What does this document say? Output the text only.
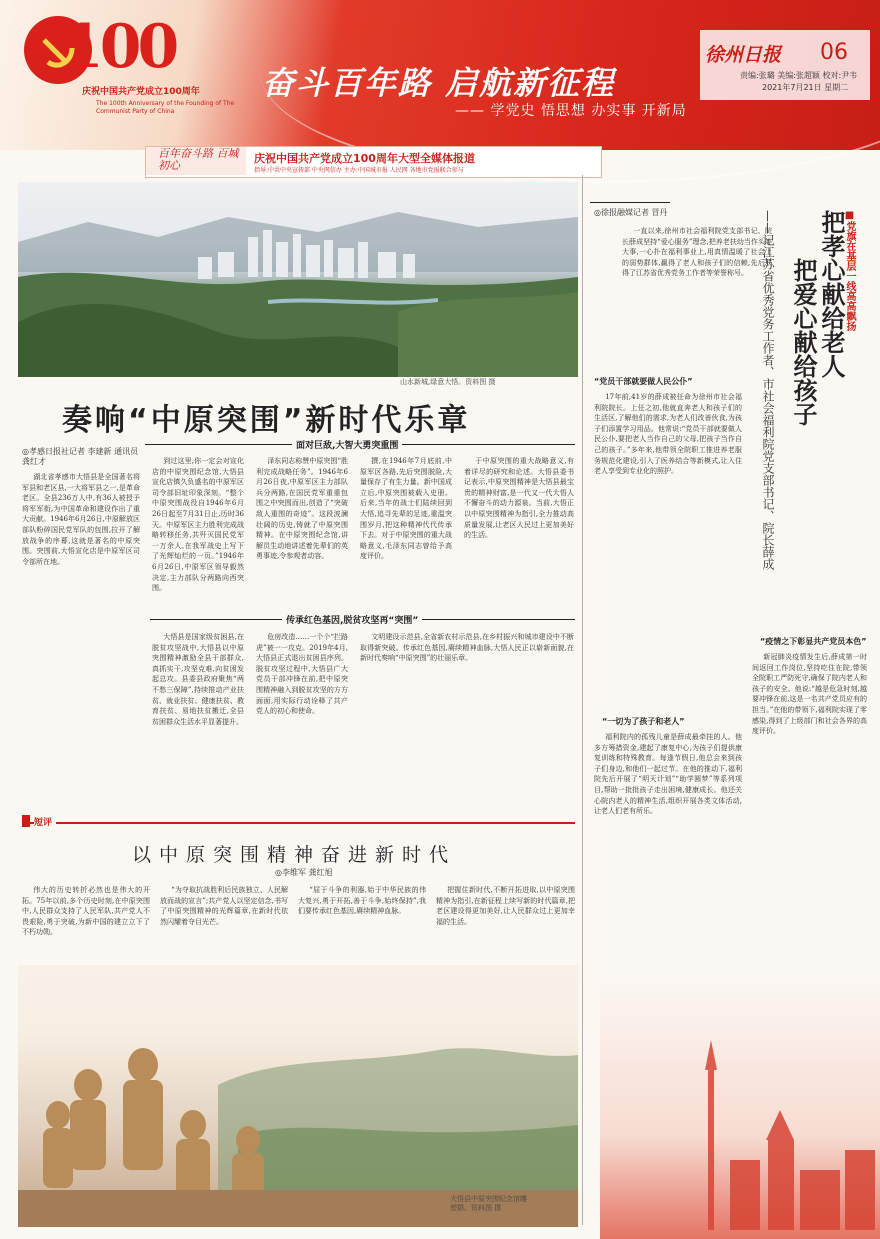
100
庆祝中国共产党成立100周年
The 100th Anniversary of the Founding of The Communist Party of China
奋斗百年路 启航新征程
—— 学党史 悟思想 办实事 开新局
徐州日报 06
责编:张璐 美编:张超颖 校对:尹韦
2021年7月21日 星期二
百年奋斗路 百城初心
庆祝中国共产党成立100周年大型全媒体报道
指导:中共中央宣传部 中央网信办 主办:中国城市报 人民网 各地市党报联合参与
山水新城,绿意大悟。资料图 摄
奏响“中原突围”新时代乐章
◎孝感日报社记者 李建新 通讯员 龚红才
面对巨敌,大智大勇突重围
湖北省孝感市大悟县是全国著名将军县和老区县,一大将军县之一,是革命老区。全县236万人中,有36人被授予将军军衔,为中国革命和建设作出了重大贡献。1946年6月26日,中原解放区部队粉碎国民党军队的包围,拉开了解放战争的序幕,这就是著名的中原突围。突围前,大悟宣化店是中原军区司令部所在地。
到过这里,你一定会对宣化店的中原突围纪念馆,大悟县宣化店镇久负盛名的中原军区司令部旧址印象深刻。“整个中原突围战役自1946年6月26日起至7月31日止,历时36天。中原军区主力胜利完成战略转移任务,共歼灭国民党军一万余人,在我军战史上写下了光辉灿烂的一页。”1946年6月26日,中原军区领导毅然决定,主力部队分两路向西突围。
泽东同志称赞中原突围“胜利完成战略任务”。1946年6月26日夜,中原军区主力部队兵分两路,在国民党军重重包围之中突围而出,创造了“突破敌人重围的奇迹”。这段波澜壮阔的历史,铸就了中原突围精神。在中原突围纪念馆,讲解员生动地讲述着先辈们的英勇事迹,令参观者动容。
撰,在1946年7月底前,中原军区各路,先后突围脱险,大量保存了有生力量。新中国成立后,中原突围被载入史册。后来,当年的战士们陆续回到大悟,追寻先辈的足迹,重温突围岁月,把这种精神代代传承下去。对于中原突围的重大战略意义,毛泽东同志曾给予高度评价。
于中原突围的重大战略意义,有着详尽的研究和论述。大悟县委书记表示,中原突围精神是大悟县最宝贵的精神财富,是一代又一代大悟人不懈奋斗的动力源泉。当前,大悟正以中原突围精神为指引,全力推动高质量发展,让老区人民过上更加美好的生活。
传承红色基因,脱贫攻坚再“突围”
大悟县是国家级贫困县,在脱贫攻坚战中,大悟县以中原突围精神激励全县干部群众,真抓实干,攻坚克难,向贫困发起总攻。县委县政府聚焦“两不愁三保障”,持续推动产业扶贫、就业扶贫、健康扶贫、教育扶贫、易地扶贫搬迁,全县贫困群众生活水平显著提升。
危房改造……一个个“拦路虎”被一一攻克。2019年4月,大悟县正式退出贫困县序列。脱贫攻坚过程中,大悟县广大党员干部冲锋在前,把中原突围精神融入到脱贫攻坚的方方面面,用实际行动诠释了共产党人的初心和使命。
文明建设示范县,全省新农村示范县,在乡村振兴和城市建设中不断取得新突破。传承红色基因,赓续精神血脉,大悟人民正以崭新面貌,在新时代奏响“中原突围”的壮丽乐章。
短评
以中原突围精神奋进新时代
◎李维军 龚红旭
伟大的历史转折必然也是伟大的开拓。75年以前,多个历史时刻,在中原突围中,人民群众支持了人民军队,共产党人不畏艰险,勇于突破,为新中国的建立立下了不朽功勋。
“为夺取抗战胜利后民族独立、人民解放而战的宣言”;共产党人以坚定信念,书写了中原突围精神的光辉篇章,在新时代依然闪耀着夺目光芒。
“屈于斗争的利器,始于中华民族的伟大复兴,勇于开拓,善于斗争,始终保持”,我们要传承红色基因,赓续精神血脉。
把握住新时代,不断开拓进取,以中原突围精神为指引,在新征程上续写新的时代篇章,把老区建设得更加美好,让人民群众过上更加幸福的生活。
大悟县中原突围纪念馆雕塑群。资料图 摄
◎徐报融媒记者 冒丹
一直以来,徐州市社会福利院党支部书记、院长薛成坚持“爱心服务”理念,把养老扶幼当作头等大事,一心扑在福利事业上,用真情温暖了社会上的弱势群体,赢得了老人和孩子们的信赖,先后获得了江苏省优秀党务工作者等荣誉称号。	■党旗在基层一线高高飘扬
把孝心献给老人
把爱心献给孩子
——记江苏省优秀党务工作者、市社会福利院党支部书记、院长薛成
“党员干部就要做人民公仆”
17年前,41岁的薛成被任命为徐州市社会福利院院长。上任之初,他就直奔老人和孩子们的生活区,了解他们的需求,为老人们改善伙食,为孩子们添置学习用品。他常说:“党员干部就要做人民公仆,要把老人当作自己的父母,把孩子当作自己的孩子。”多年来,他带领全院职工推进养老服务规范化建设,引入了医养结合等新模式,让入住老人享受到专业化的照护。
“一切为了孩子和老人”
福利院内的孤残儿童是薛成最牵挂的人。他多方筹措资金,建起了康复中心,为孩子们提供康复训练和特殊教育。每逢节假日,他总会来到孩子们身边,和他们一起过节。在他的推动下,福利院先后开展了“明天计划”“助学圆梦”等系列项目,帮助一批批孩子走出困境,健康成长。他还关心院内老人的精神生活,组织开展各类文体活动,让老人们老有所乐。
“疫情之下彰显共产党员本色”
新冠肺炎疫情发生后,薛成第一时间返回工作岗位,坚持吃住在院,带领全院职工严防死守,确保了院内老人和孩子的安全。他说:“越是危急时刻,越要冲锋在前,这是一名共产党员应有的担当。”在他的带领下,福利院实现了零感染,得到了上级部门和社会各界的高度评价。
